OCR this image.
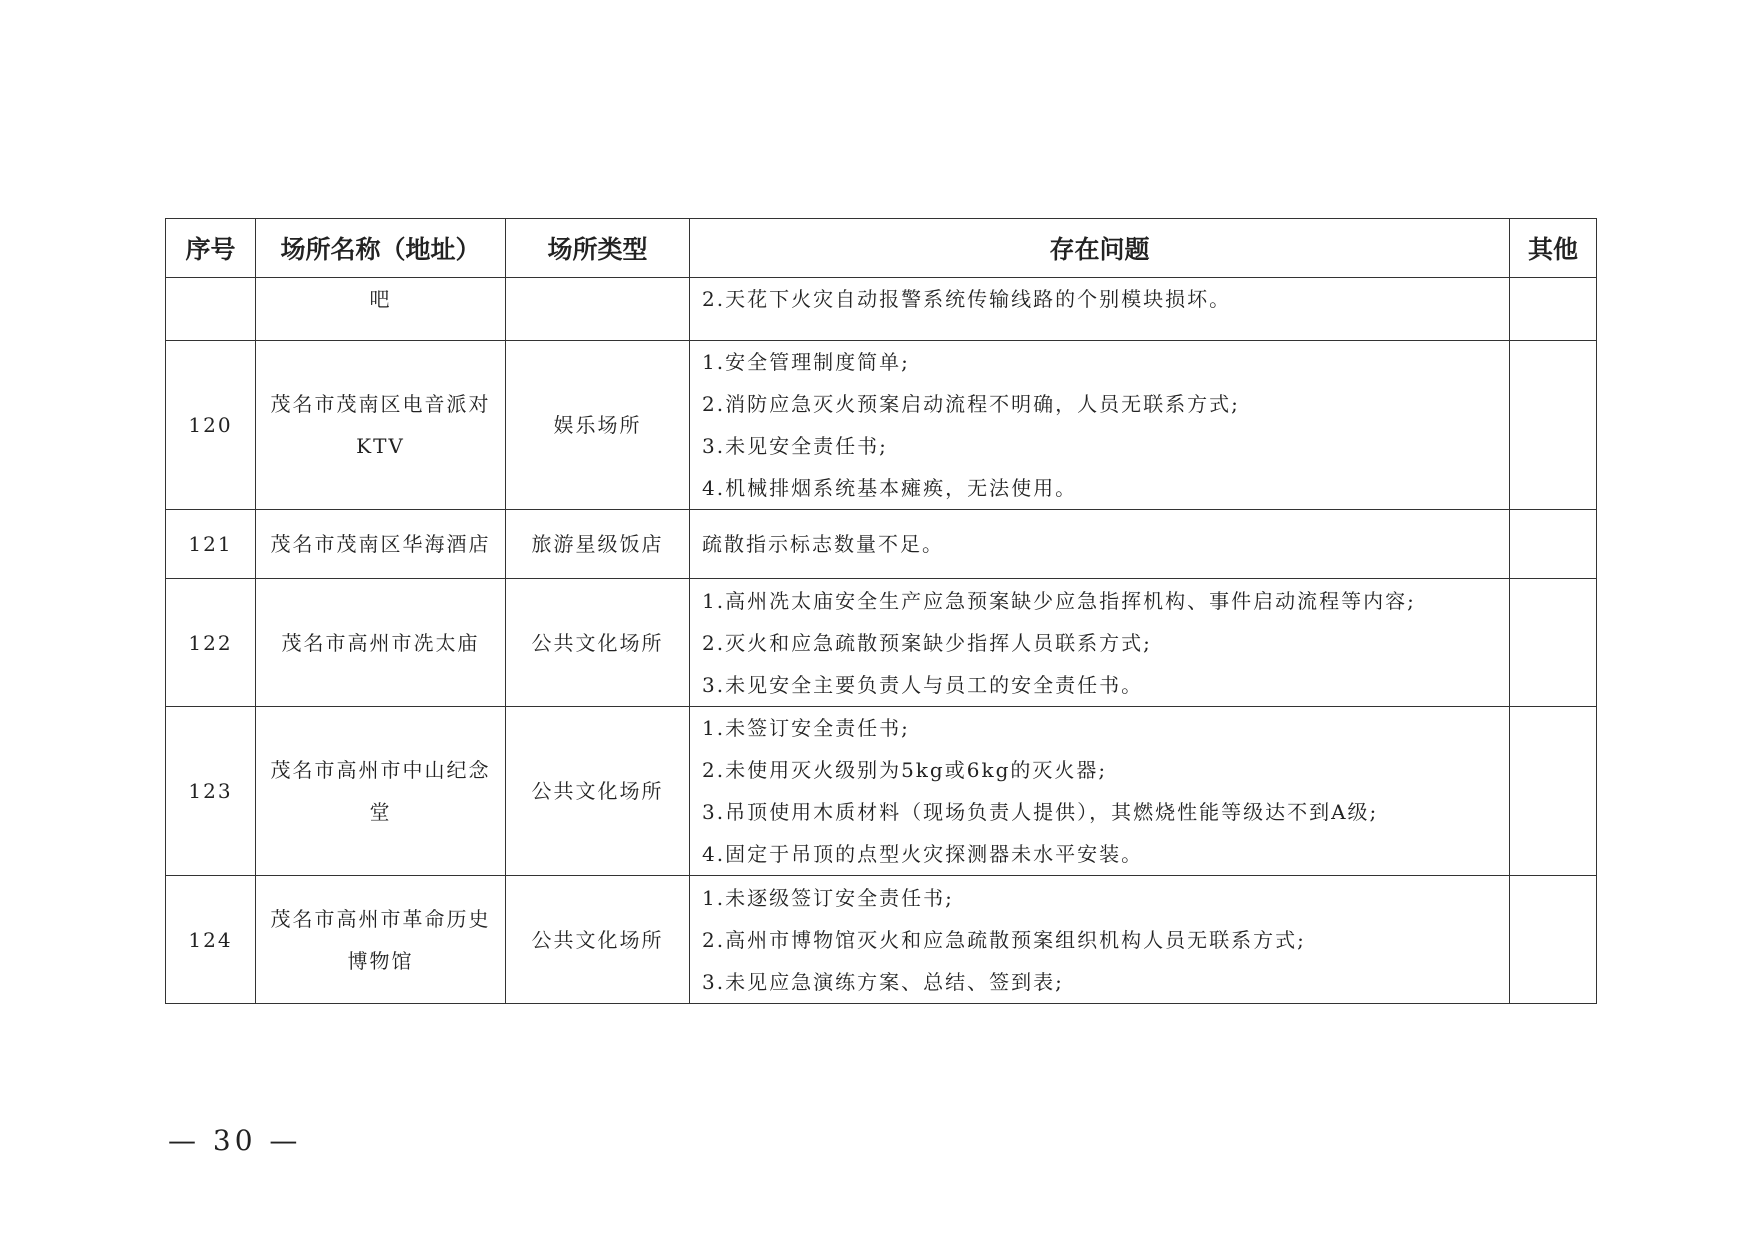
序号	场所名称（地址）	场所类型	存在问题	其他
	吧		2.天花下火灾自动报警系统传输线路的个别模块损坏。	

120	茂名市茂南区电音派对KTV	娱乐场所	1.安全管理制度简单;
2.消防应急灭火预案启动流程不明确，人员无联系方式;
3.未见安全责任书;
4.机械排烟系统基本瘫痪，无法使用。	

121	茂名市茂南区华海酒店	旅游星级饭店	疏散指示标志数量不足。	

122	茂名市高州市冼太庙	公共文化场所	1.高州冼太庙安全生产应急预案缺少应急指挥机构、事件启动流程等内容;
2.灭火和应急疏散预案缺少指挥人员联系方式;
3.未见安全主要负责人与员工的安全责任书。	

123	茂名市高州市中山纪念堂	公共文化场所	1.未签订安全责任书;
2.未使用灭火级别为5kg或6kg的灭火器;
3.吊顶使用木质材料（现场负责人提供），其燃烧性能等级达不到A级;
4.固定于吊顶的点型火灾探测器未水平安装。	

124	茂名市高州市革命历史博物馆	公共文化场所	1.未逐级签订安全责任书;
2.高州市博物馆灭火和应急疏散预案组织机构人员无联系方式;
3.未见应急演练方案、总结、签到表;	

— 30 —
